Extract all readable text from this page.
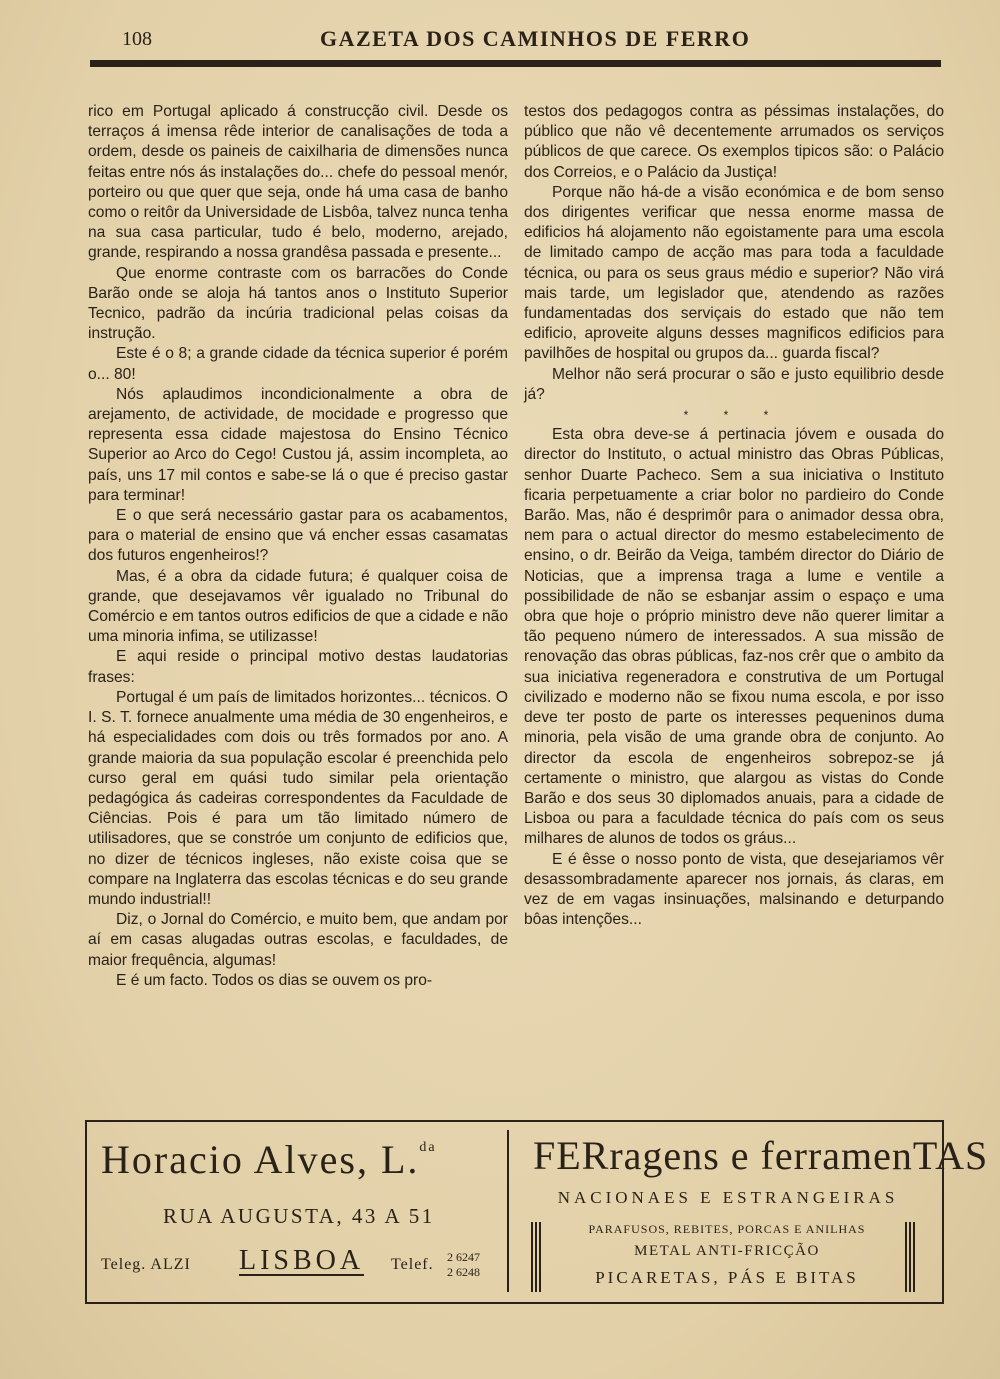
108	GAZETA DOS CAMINHOS DE FERRO

rico em Portugal aplicado á construcção civil. Desde os terraços á imensa rêde interior de canalisações de toda a ordem, desde os paineis de caixilharia de dimensões nunca feitas entre nós ás instalações do... chefe do pessoal menór, porteiro ou que quer que seja, onde há uma casa de banho como o reitôr da Universidade de Lisbôa, talvez nunca tenha na sua casa particular, tudo é belo, moderno, arejado, grande, respirando a nossa grandêsa passada e presente...

Que enorme contraste com os barracões do Conde Barão onde se aloja há tantos anos o Instituto Superior Tecnico, padrão da incúria tradicional pelas coisas da instrução.

Este é o 8; a grande cidade da técnica superior é porém o... 80!

Nós aplaudimos incondicionalmente a obra de arejamento, de actividade, de mocidade e progresso que representa essa cidade majestosa do Ensino Técnico Superior ao Arco do Cego! Custou já, assim incompleta, ao país, uns 17 mil contos e sabe-se lá o que é preciso gastar para terminar!

E o que será necessário gastar para os acabamentos, para o material de ensino que vá encher essas casamatas dos futuros engenheiros!?

Mas, é a obra da cidade futura; é qualquer coisa de grande, que desejavamos vêr igualado no Tribunal do Comércio e em tantos outros edificios de que a cidade e não uma minoria infima, se utilizasse!

E aqui reside o principal motivo destas laudatorias frases:

Portugal é um país de limitados horizontes... técnicos. O I. S. T. fornece anualmente uma média de 30 engenheiros, e há especialidades com dois ou três formados por ano. A grande maioria da sua população escolar é preenchida pelo curso geral em quási tudo similar pela orientação pedagógica ás cadeiras correspondentes da Faculdade de Ciências. Pois é para um tão limitado número de utilisadores, que se constróe um conjunto de edificios que, no dizer de técnicos ingleses, não existe coisa que se compare na Inglaterra das escolas técnicas e do seu grande mundo industrial!!

Diz, o Jornal do Comércio, e muito bem, que andam por aí em casas alugadas outras escolas, e faculdades, de maior frequência, algumas!

E é um facto. Todos os dias se ouvem os pro-

testos dos pedagogos contra as péssimas instalações, do público que não vê decentemente arrumados os serviços públicos de que carece. Os exemplos tipicos são: o Palácio dos Correios, e o Palácio da Justiça!

Porque não há-de a visão económica e de bom senso dos dirigentes verificar que nessa enorme massa de edificios há alojamento não egoistamente para uma escola de limitado campo de acção mas para toda a faculdade técnica, ou para os seus graus médio e superior? Não virá mais tarde, um legislador que, atendendo as razões fundamentadas dos serviçais do estado que não tem edificio, aproveite alguns desses magnificos edificios para pavilhões de hospital ou grupos da... guarda fiscal?

Melhor não será procurar o são e justo equilibrio desde já?

* * *

Esta obra deve-se á pertinacia jóvem e ousada do director do Instituto, o actual ministro das Obras Públicas, senhor Duarte Pacheco. Sem a sua iniciativa o Instituto ficaria perpetuamente a criar bolor no pardieiro do Conde Barão. Mas, não é desprimôr para o animador dessa obra, nem para o actual director do mesmo estabelecimento de ensino, o dr. Beirão da Veiga, também director do Diário de Noticias, que a imprensa traga a lume e ventile a possibilidade de não se esbanjar assim o espaço e uma obra que hoje o próprio ministro deve não querer limitar a tão pequeno número de interessados. A sua missão de renovação das obras públicas, faz-nos crêr que o ambito da sua iniciativa regeneradora e construtiva de um Portugal civilizado e moderno não se fixou numa escola, e por isso deve ter posto de parte os interesses pequeninos duma minoria, pela visão de uma grande obra de conjunto. Ao director da escola de engenheiros sobrepoz-se já certamente o ministro, que alargou as vistas do Conde Barão e dos seus 30 diplomados anuais, para a cidade de Lisboa ou para a faculdade técnica do país com os seus milhares de alunos de todos os gráus...

E é êsse o nosso ponto de vista, que desejariamos vêr desassombradamente aparecer nos jornais, ás claras, em vez de em vagas insinuações, malsinando e deturpando bôas intenções...

Horacio Alves, L.$^{da}$
RUA AUGUSTA, 43 A 51
Teleg. ALZI LISBOA Telef. 2 6247
2 6248
FERragens e ferramenTAS
NACIONAES E ESTRANGEIRAS
PARAFUSOS, REBITES, PORCAS E ANILHAS
METAL ANTI-FRICÇÃO
PICARETAS, PÁS E BITAS
